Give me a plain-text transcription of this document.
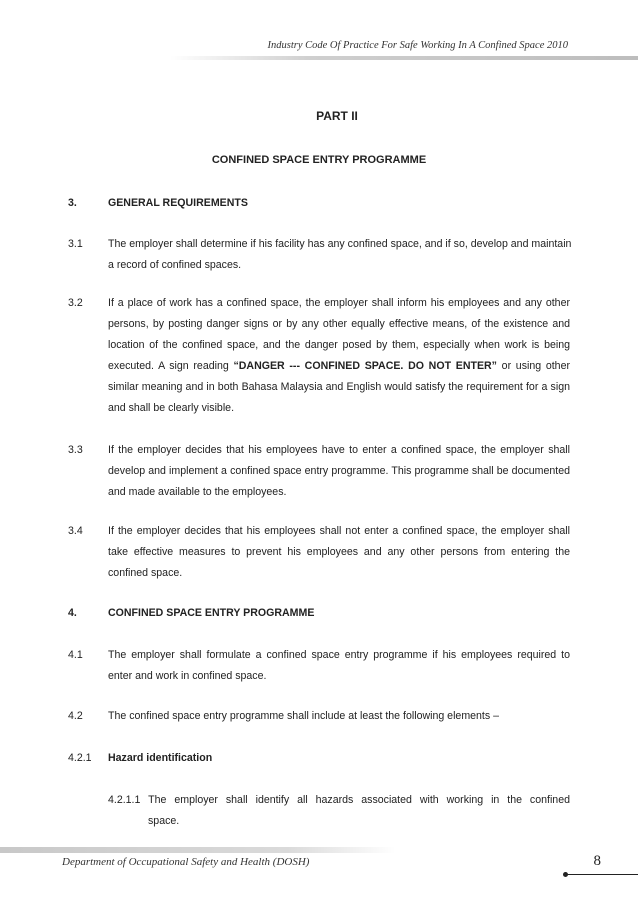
Industry Code Of Practice For Safe Working In A Confined Space 2010
PART II
CONFINED SPACE ENTRY PROGRAMME
3.	GENERAL REQUIREMENTS
3.1 The employer shall determine if his facility has any confined space, and if so, develop and maintain
a record of confined spaces.
3.2 If a place of work has a confined space, the employer shall inform his employees and any other
persons, by posting danger signs or by any other equally effective means, of the existence and
location of the confined space, and the danger posed by them, especially when work is being
executed. A sign reading “DANGER --- CONFINED SPACE. DO NOT ENTER” or using other
similar meaning and in both Bahasa Malaysia and English would satisfy the requirement for a sign
and shall be clearly visible.
3.3 If the employer decides that his employees have to enter a confined space, the employer shall
develop and implement a confined space entry programme. This programme shall be documented
and made available to the employees.
3.4 If the employer decides that his employees shall not enter a confined space, the employer shall
take effective measures to prevent his employees and any other persons from entering the
confined space.
4.	CONFINED SPACE ENTRY PROGRAMME
4.1 The employer shall formulate a confined space entry programme if his employees required to
enter and work in confined space.
4.2 The confined space entry programme shall include at least the following elements –
4.2.1 Hazard identification
4.2.1.1 The employer shall identify all hazards associated with working in the confined
space.
Department of Occupational Safety and Health (DOSH)	8
